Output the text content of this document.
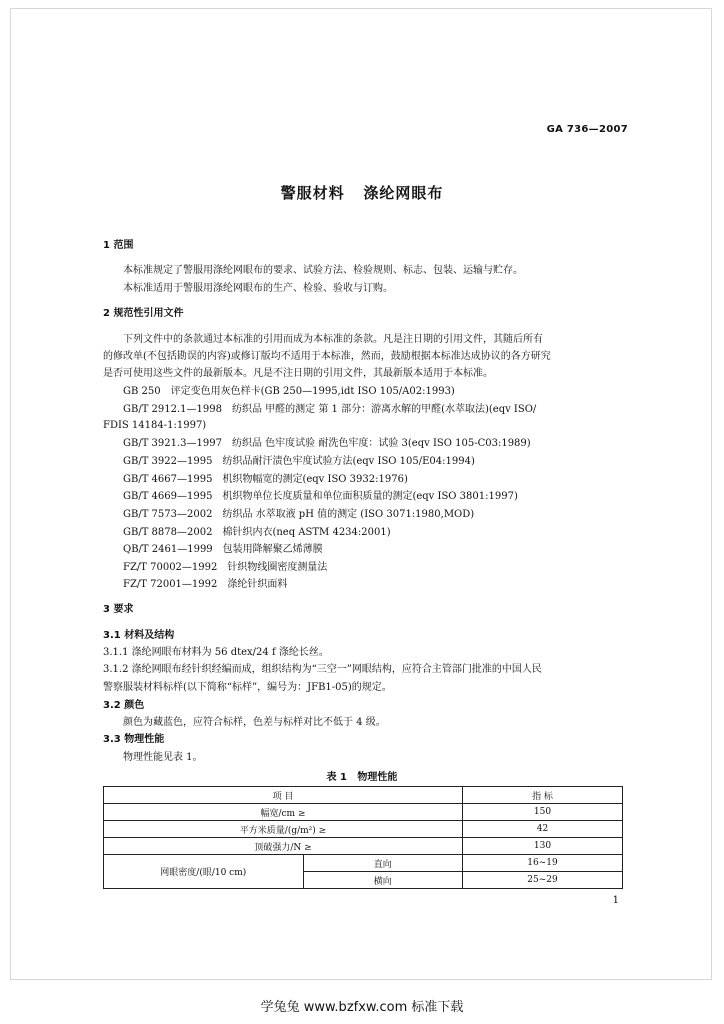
GA 736—2007
警服材料   涤纶网眼布
1 范围
本标准规定了警服用涤纶网眼布的要求、试验方法、检验规则、标志、包装、运输与贮存。
本标准适用于警服用涤纶网眼布的生产、检验、验收与订购。
2 规范性引用文件
下列文件中的条款通过本标准的引用而成为本标准的条款。凡是注日期的引用文件，其随后所有
的修改单(不包括勘误的内容)或修订版均不适用于本标准，然而，鼓励根据本标准达成协议的各方研究
是否可使用这些文件的最新版本。凡是不注日期的引用文件，其最新版本适用于本标准。
GB 250 评定变色用灰色样卡(GB 250—1995,idt ISO 105/A02:1993)
GB/T 2912.1—1998 纺织品 甲醛的测定 第 1 部分：游离水解的甲醛(水萃取法)(eqv ISO/
FDIS 14184-1:1997)
GB/T 3921.3—1997 纺织品 色牢度试验 耐洗色牢度：试验 3(eqv ISO 105-C03:1989)
GB/T 3922—1995 纺织品耐汗渍色牢度试验方法(eqv ISO 105/E04:1994)
GB/T 4667—1995 机织物幅宽的测定(eqv ISO 3932:1976)
GB/T 4669—1995 机织物单位长度质量和单位面积质量的测定(eqv ISO 3801:1997)
GB/T 7573—2002 纺织品 水萃取液 pH 值的测定 (ISO 3071:1980,MOD)
GB/T 8878—2002 棉针织内衣(neq ASTM 4234:2001)
QB/T 2461—1999 包装用降解聚乙烯薄膜
FZ/T 70002—1992 针织物线圈密度测量法
FZ/T 72001—1992 涤纶针织面料
3 要求
3.1 材料及结构
3.1.1 涤纶网眼布材料为 56 dtex/24 f 涤纶长丝。
3.1.2 涤纶网眼布经针织经编而成，组织结构为“三空一”网眼结构，应符合主管部门批准的中国人民
警察服装材料标样(以下简称“标样”，编号为：JFB1-05)的规定。
3.2 颜色
颜色为藏蓝色，应符合标样，色差与标样对比不低于 4 级。
3.3 物理性能
物理性能见表 1。
表 1   物理性能
项 目		指 标
幅宽/cm ≥		150
平方米质量/(g/m²) ≥		42
顶破强力/N ≥		130
网眼密度/(眼/10 cm)	直向	16~19
	横向	25~29
1
学兔兔 www.bzfxw.com 标准下载
